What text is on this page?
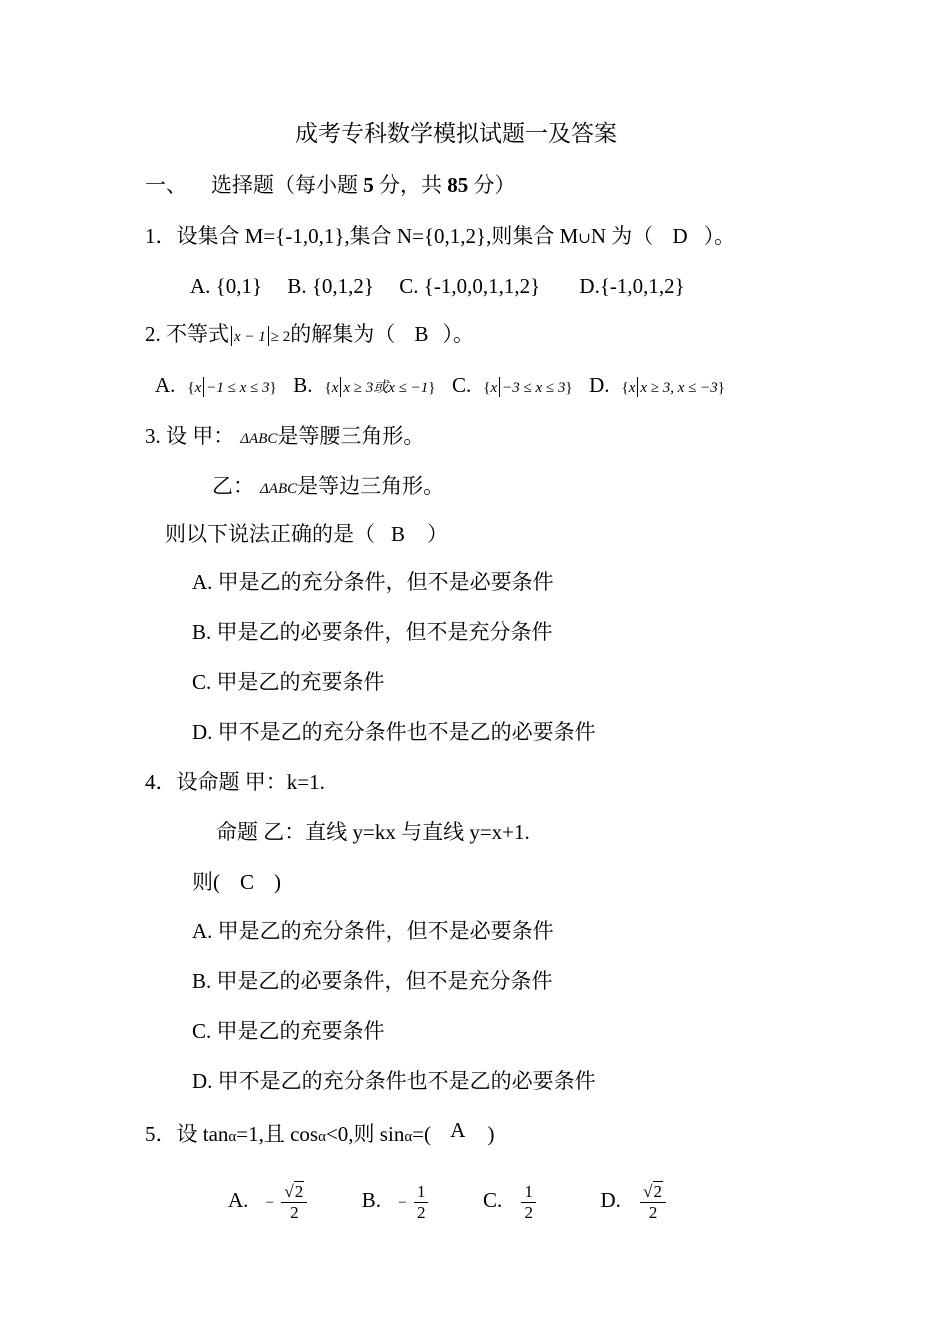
成考专科数学模拟试题一及答案
一、 选择题（每小题 5 分，共 85 分）
1．设集合 M={-1,0,1},集合 N={0,1,2},则集合 M∪N 为（ D ）。
A. {0,1} B. {0,1,2} C. {-1,0,0,1,1,2} D.{-1,0,1,2}
2. 不等式 x − 1 ≥ 2的解集为（ B ）。
A. {x −1 ≤ x ≤ 3} B. {x x ≥ 3或x ≤ −1} C. {x −3 ≤ x ≤ 3} D. {x x ≥ 3, x ≤ −3}
3. 设 甲： ΔABC是等腰三角形。
乙： ΔABC是等边三角形。
则以下说法正确的是（ B ）
A. 甲是乙的充分条件，但不是必要条件
B. 甲是乙的必要条件，但不是充分条件
C. 甲是乙的充要条件
D. 甲不是乙的充分条件也不是乙的必要条件
4．设命题 甲：k=1.
命题 乙：直线 y=kx 与直线 y=x+1.
则( C )
A. 甲是乙的充分条件，但不是必要条件
B. 甲是乙的必要条件，但不是充分条件
C. 甲是乙的充要条件
D. 甲不是乙的充分条件也不是乙的必要条件
5．设 tanα=1,且 cosα<0,则 sinα=( A )
A. − $\frac{√2}{2}$	B. − $\frac{1}{2}$	C. $\frac{1}{2}$	D. $\frac{√2}{2}$
